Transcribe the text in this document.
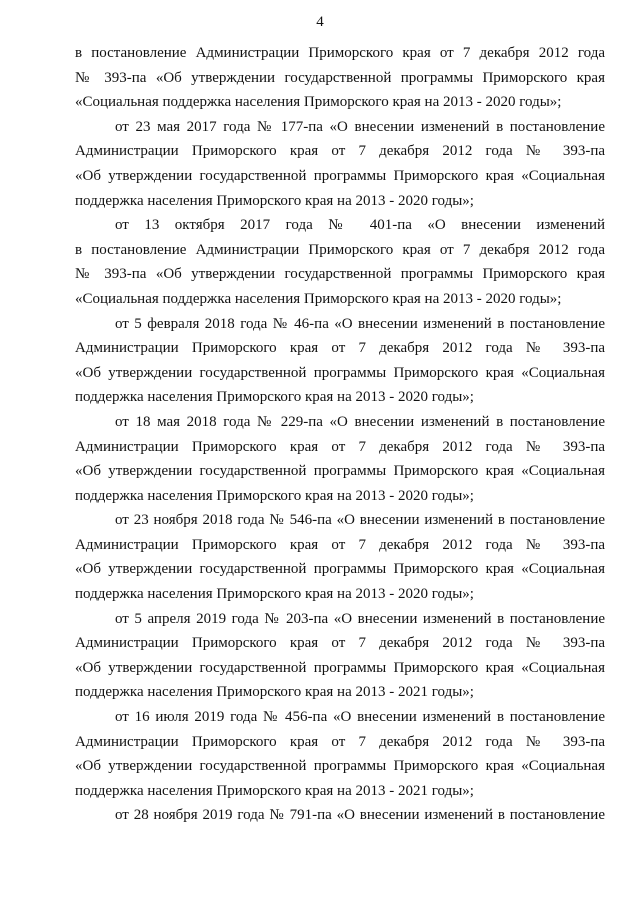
4
в постановление Администрации Приморского края от 7 декабря 2012 года
№ 393-па «Об утверждении государственной программы Приморского края
«Социальная поддержка населения Приморского края на 2013 - 2020 годы»;
от 23 мая 2017 года № 177-па «О внесении изменений в постановление
Администрации Приморского края от 7 декабря 2012 года № 393-па
«Об утверждении государственной программы Приморского края «Социальная
поддержка населения Приморского края на 2013 - 2020 годы»;
от 13 октября 2017 года № 401-па «О внесении изменений
в постановление Администрации Приморского края от 7 декабря 2012 года
№ 393-па «Об утверждении государственной программы Приморского края
«Социальная поддержка населения Приморского края на 2013 - 2020 годы»;
от 5 февраля 2018 года № 46-па «О внесении изменений в постановление
Администрации Приморского края от 7 декабря 2012 года № 393-па
«Об утверждении государственной программы Приморского края «Социальная
поддержка населения Приморского края на 2013 - 2020 годы»;
от 18 мая 2018 года № 229-па «О внесении изменений в постановление
Администрации Приморского края от 7 декабря 2012 года № 393-па
«Об утверждении государственной программы Приморского края «Социальная
поддержка населения Приморского края на 2013 - 2020 годы»;
от 23 ноября 2018 года № 546-па «О внесении изменений в постановление
Администрации Приморского края от 7 декабря 2012 года № 393-па
«Об утверждении государственной программы Приморского края «Социальная
поддержка населения Приморского края на 2013 - 2020 годы»;
от 5 апреля 2019 года № 203-па «О внесении изменений в постановление
Администрации Приморского края от 7 декабря 2012 года № 393-па
«Об утверждении государственной программы Приморского края «Социальная
поддержка населения Приморского края на 2013 - 2021 годы»;
от 16 июля 2019 года № 456-па «О внесении изменений в постановление
Администрации Приморского края от 7 декабря 2012 года № 393-па
«Об утверждении государственной программы Приморского края «Социальная
поддержка населения Приморского края на 2013 - 2021 годы»;
от 28 ноября 2019 года № 791-па «О внесении изменений в постановление
